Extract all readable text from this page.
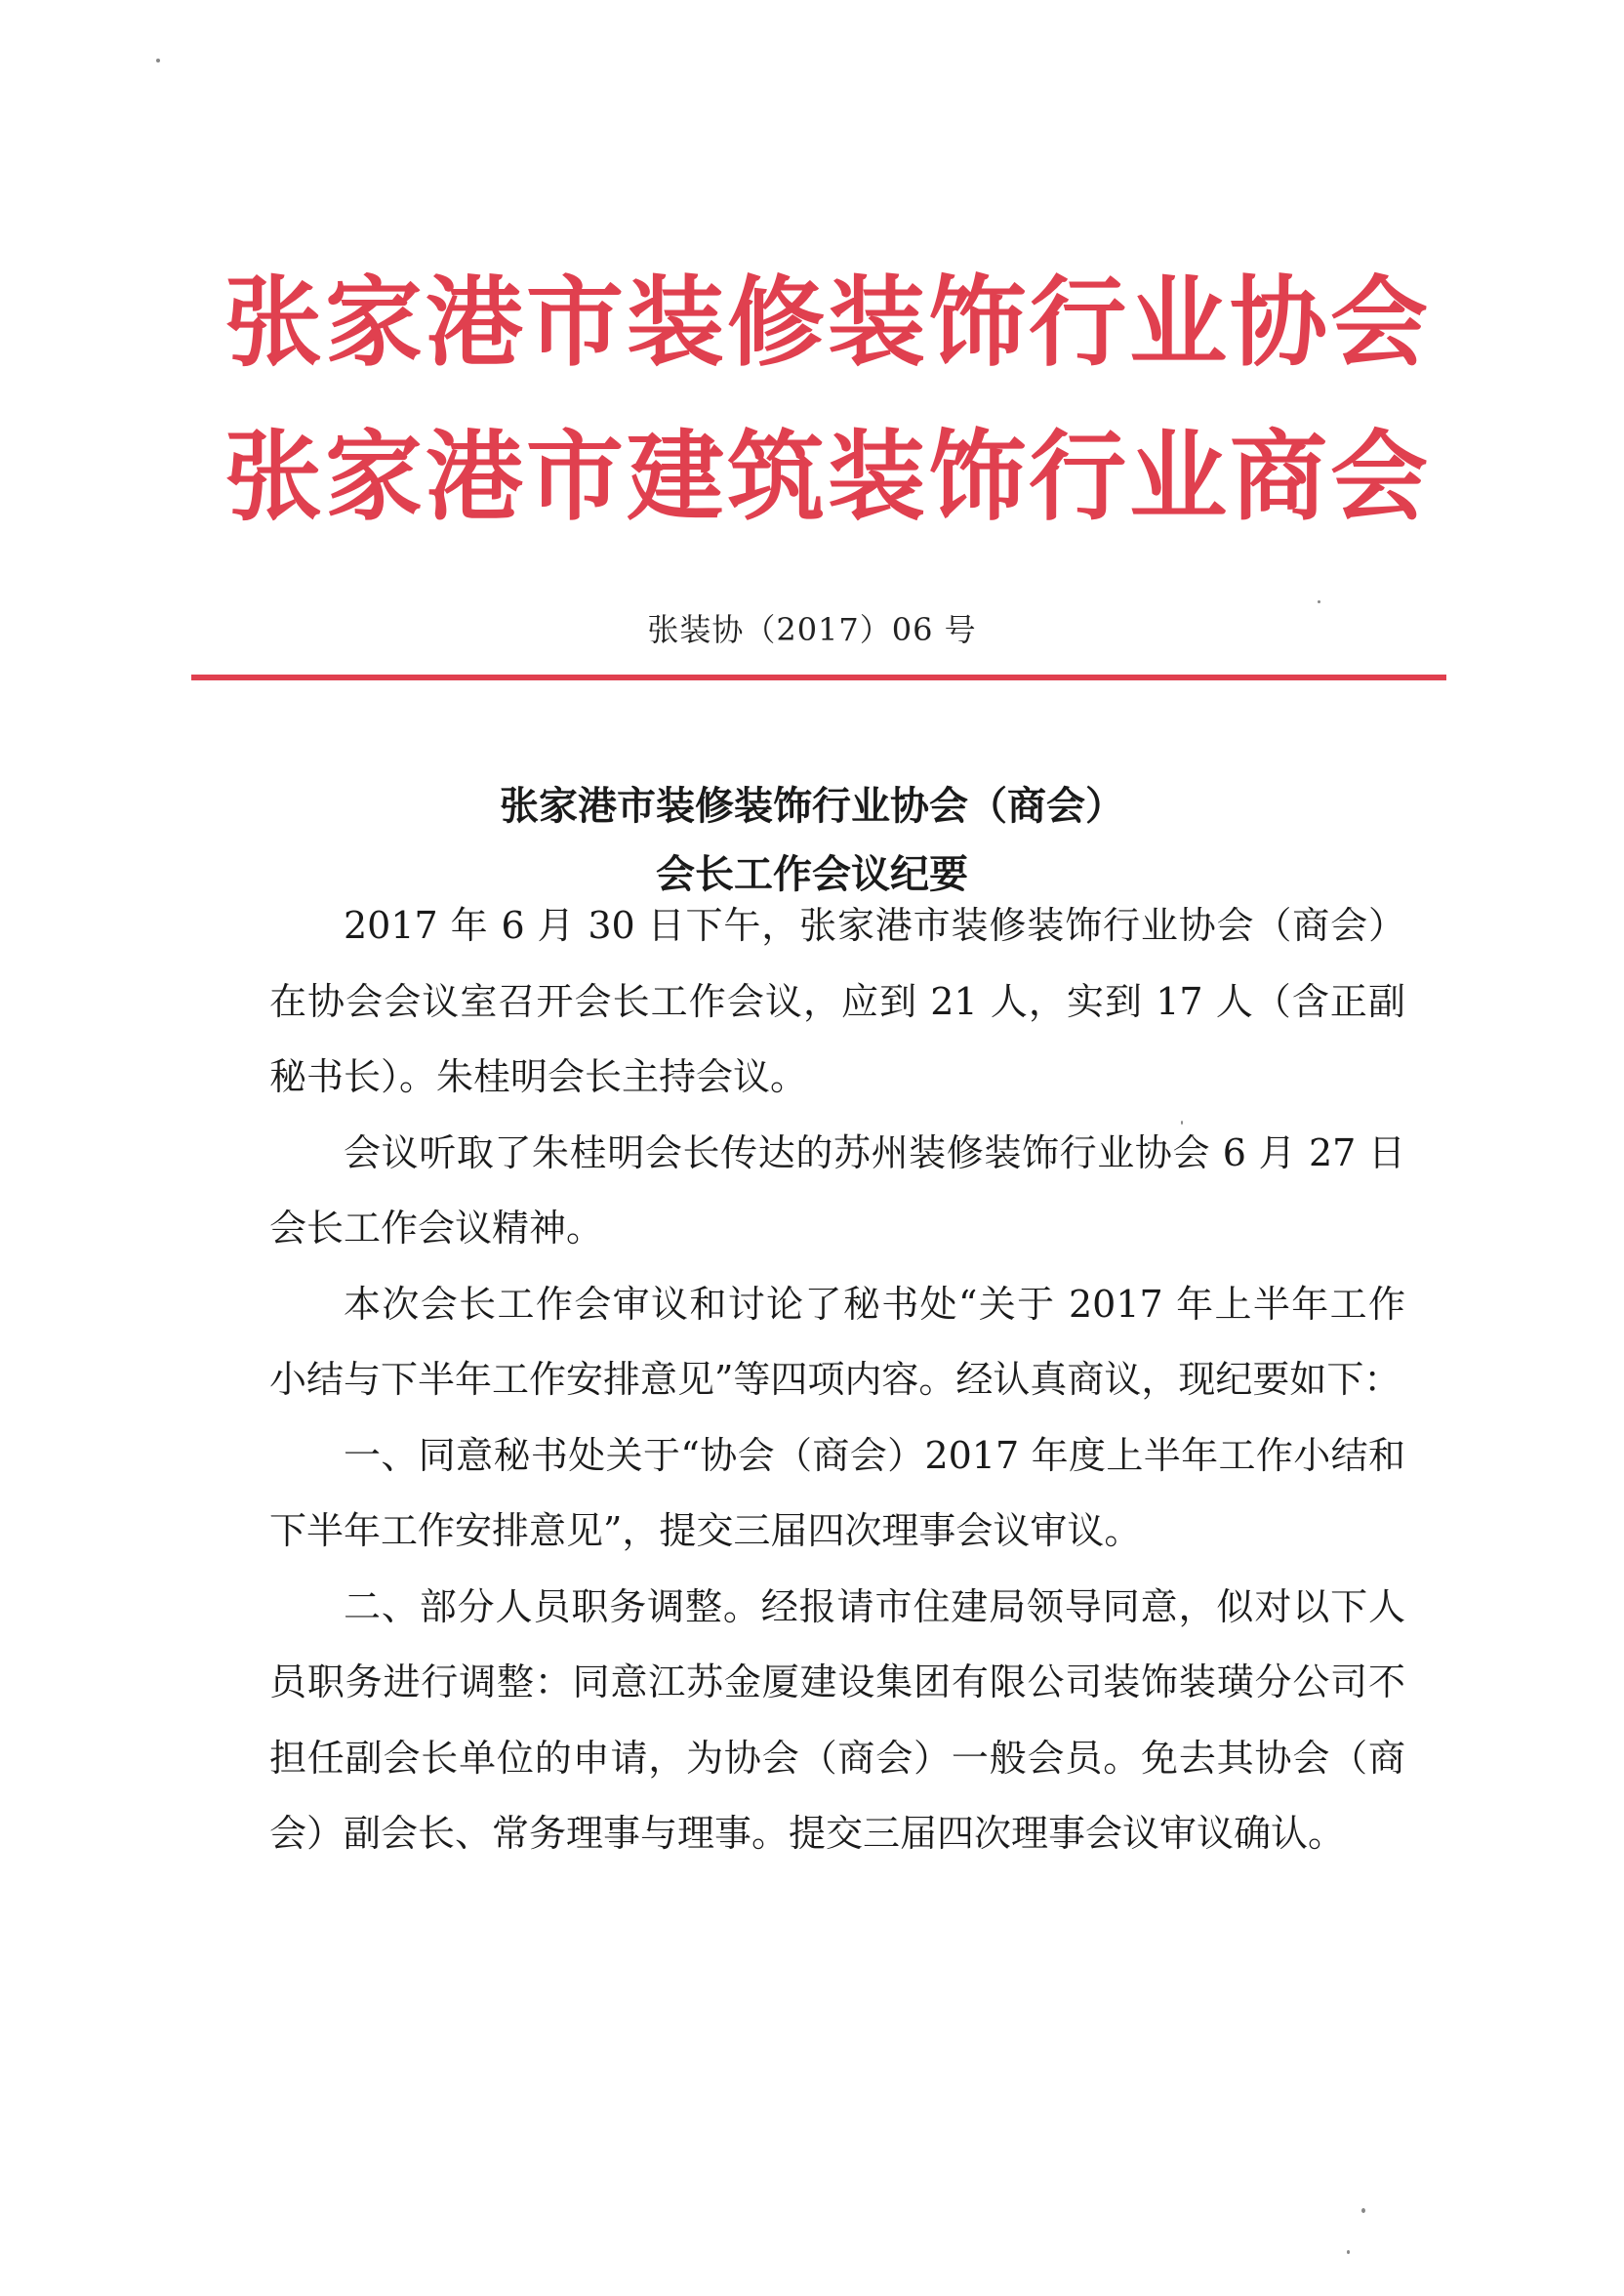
张家港市装修装饰行业协会
张家港市建筑装饰行业商会
张装协（2017）06 号
张家港市装修装饰行业协会（商会）
会长工作会议纪要

2017 年 6 月 30 日下午，张家港市装修装饰行业协会（商会）在协会会议室召开会长工作会议，应到 21 人，实到 17 人（含正副秘书长）。朱桂明会长主持会议。

会议听取了朱桂明会长传达的苏州装修装饰行业协会 6 月 27 日会长工作会议精神。

本次会长工作会审议和讨论了秘书处“关于 2017 年上半年工作小结与下半年工作安排意见”等四项内容。经认真商议，现纪要如下：

一、同意秘书处关于“协会（商会）2017 年度上半年工作小结和下半年工作安排意见”，提交三届四次理事会议审议。

二、部分人员职务调整。经报请市住建局领导同意，似对以下人员职务进行调整：同意江苏金厦建设集团有限公司装饰装璜分公司不担任副会长单位的申请，为协会（商会）一般会员。免去其协会（商会）副会长、常务理事与理事。提交三届四次理事会议审议确认。
